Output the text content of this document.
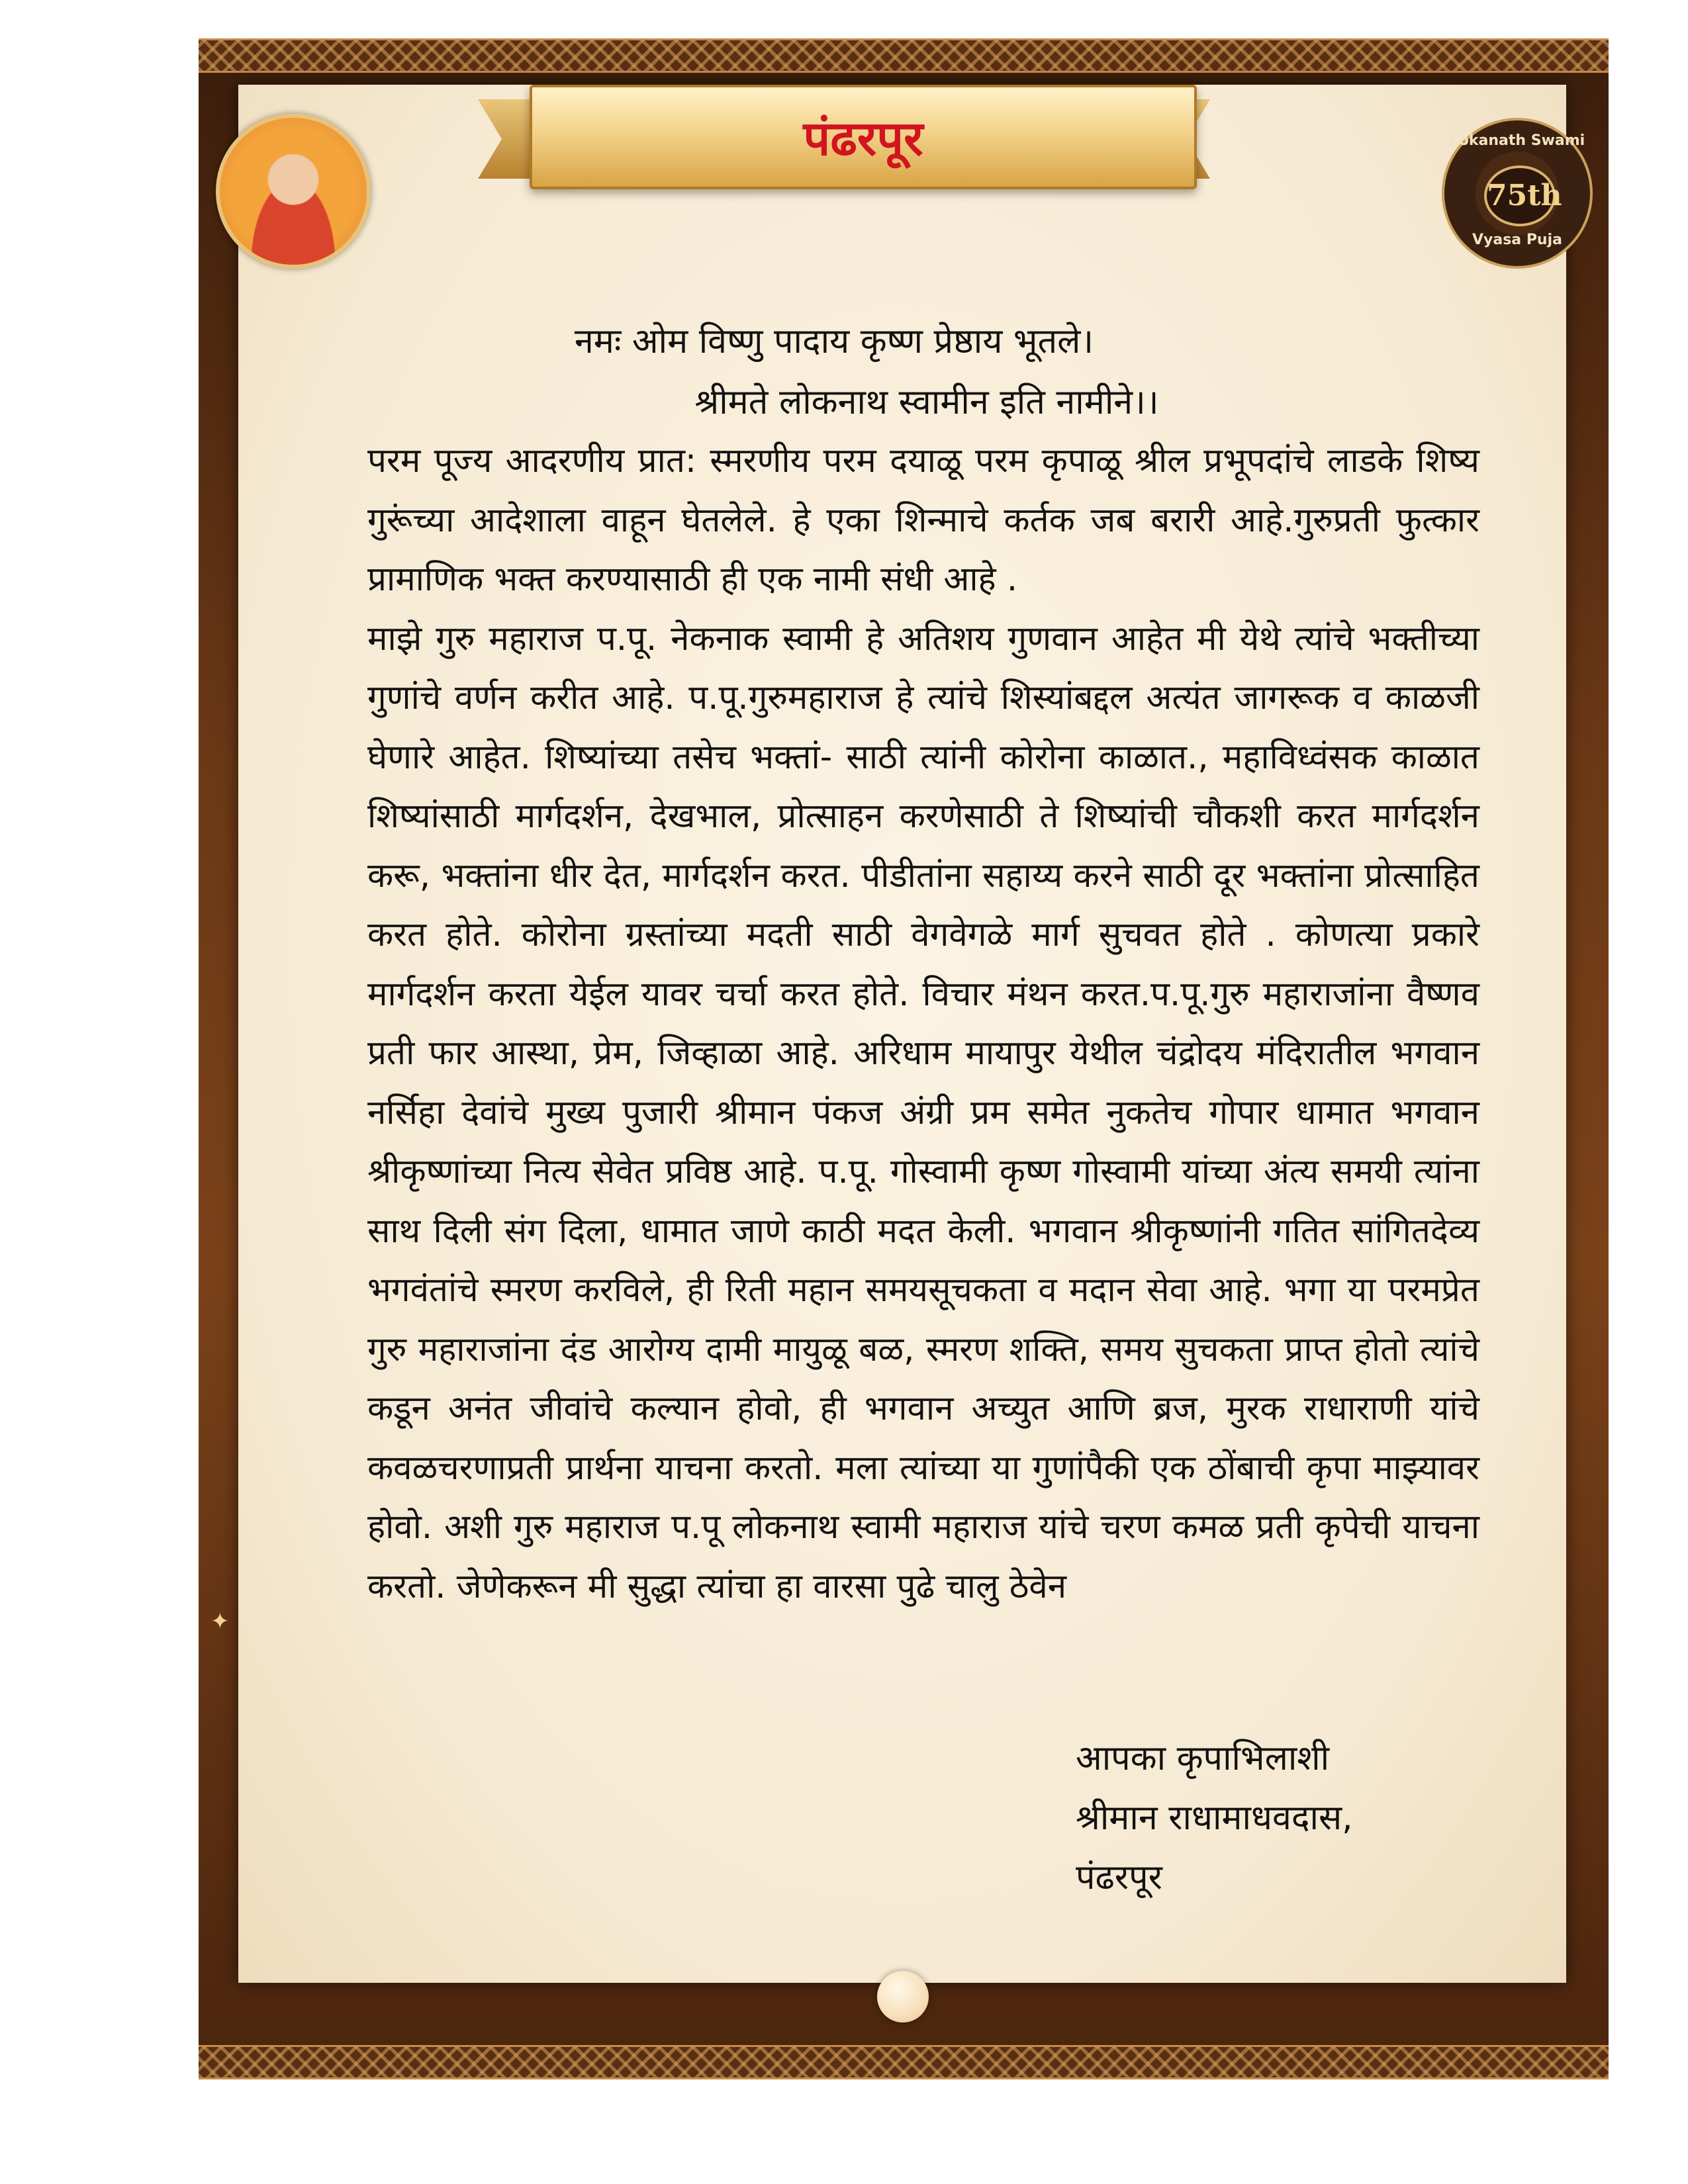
पंढरपूर	Lokanath Swami
75th
Vyasa Puja
नमः ओम विष्णु पादाय कृष्ण प्रेष्ठाय भूतले।
श्रीमते लोकनाथ स्वामीन इति नामीने।।

परम पूज्य आदरणीय प्रात: स्मरणीय परम दयाळू परम कृपाळू श्रील प्रभूपदांचे लाडके शिष्य गुरूंच्या आदेशाला वाहून घेतलेले. हे एका शिन्माचे कर्तक जब बरारी आहे.गुरुप्रती फुत्कार प्रामाणिक भक्त करण्यासाठी ही एक नामी संधी आहे .

माझे गुरु महाराज प.पू. नेकनाक स्वामी हे अतिशय गुणवान आहेत मी येथे त्यांचे भक्तीच्या गुणांचे वर्णन करीत आहे. प.पू.गुरुमहाराज हे त्यांचे शिस्यांबद्दल अत्यंत जागरूक व काळजी घेणारे आहेत. शिष्यांच्या तसेच भक्तां- साठी त्यांनी कोरोना काळात., महाविध्वंसक काळात शिष्यांसाठी मार्गदर्शन, देखभाल, प्रोत्साहन करणेसाठी ते शिष्यांची चौकशी करत मार्गदर्शन करू, भक्तांना धीर देत, मार्गदर्शन करत. पीडीतांना सहाय्य करने साठी दूर भक्तांना प्रोत्साहित करत होते. कोरोना ग्रस्तांच्या मदती साठी वेगवेगळे मार्ग सुचवत होते . कोणत्या प्रकारे मार्गदर्शन करता येईल यावर चर्चा करत होते. विचार मंथन करत.प.पू.गुरु महाराजांना वैष्णव प्रती फार आस्था, प्रेम, जिव्हाळा आहे. अरिधाम मायापुर येथील चंद्रोदय मंदिरातील भगवान नर्सिहा देवांचे मुख्य पुजारी श्रीमान पंकज अंग्री प्रम समेत नुकतेच गोपार धामात भगवान श्रीकृष्णांच्या नित्य सेवेत प्रविष्ठ आहे. प.पू. गोस्वामी कृष्ण गोस्वामी यांच्या अंत्य समयी त्यांना साथ दिली संग दिला, धामात जाणे काठी मदत केली. भगवान श्रीकृष्णांनी गतित सांगितदेव्य भगवंतांचे स्मरण करविले, ही रिती महान समयसूचकता व मदान सेवा आहे. भगा या परमप्रेत गुरु महाराजांना दंड आरोग्य दामी मायुळू बळ, स्मरण शक्ति, समय सुचकता प्राप्त होतो त्यांचे कडून अनंत जीवांचे कल्यान होवो, ही भगवान अच्युत आणि ब्रज, मुरक राधाराणी यांचे कवळचरणाप्रती प्रार्थना याचना करतो. मला त्यांच्या या गुणांपैकी एक ठोंबाची कृपा माझ्यावर होवो. अशी गुरु महाराज प.पू लोकनाथ स्वामी महाराज यांचे चरण कमळ प्रती कृपेची याचना करतो. जेणेकरून मी सुद्धा त्यांचा हा वारसा पुढे चालु ठेवेन

आपका कृपाभिलाशी
श्रीमान राधामाधवदास,
पंढरपूर
✦
